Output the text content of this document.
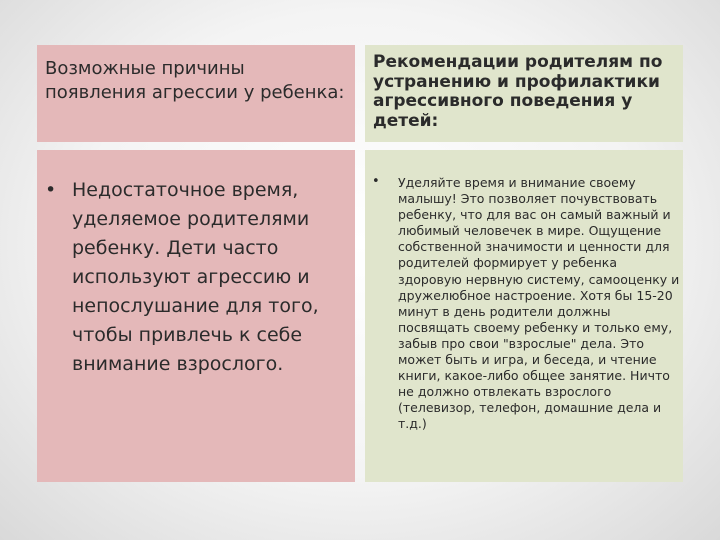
Возможные причины появления агрессии у ребенка:
Рекомендации родителям по устранению и профилактики агрессивного поведения у детей:
• Недостаточное время, уделяемое родителями ребенку. Дети часто используют агрессию и непослушание для того, чтобы привлечь к себе внимание взрослого.
• Уделяйте время и внимание своему малышу! Это позволяет почувствовать ребенку, что для вас он самый важный и любимый человечек в мире. Ощущение собственной значимости и ценности для родителей формирует у ребенка здоровую нервную систему, самооценку и дружелюбное настроение. Хотя бы 15-20 минут в день родители должны посвящать своему ребенку и только ему, забыв про свои "взрослые" дела. Это может быть и игра, и беседа, и чтение книги, какое-либо общее занятие. Ничто не должно отвлекать взрослого (телевизор, телефон, домашние дела и т.д.)
